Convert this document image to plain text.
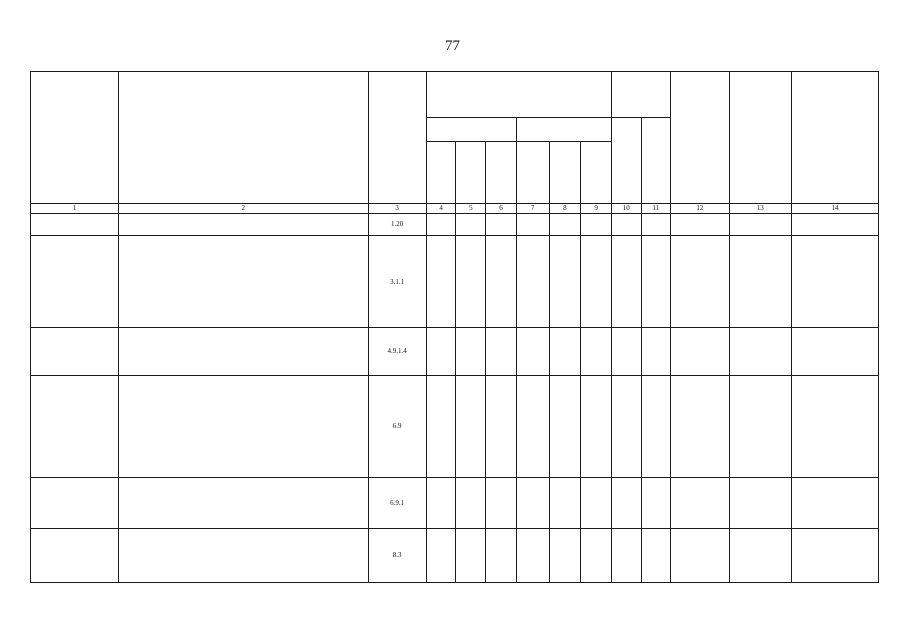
77

1	2	3	4	5	6	7	8	9	10	11	12	13	14
		1.20											
		3.1.1											
		4.9.1.4											
		6.9											
		6.9.1											
		8.3											
